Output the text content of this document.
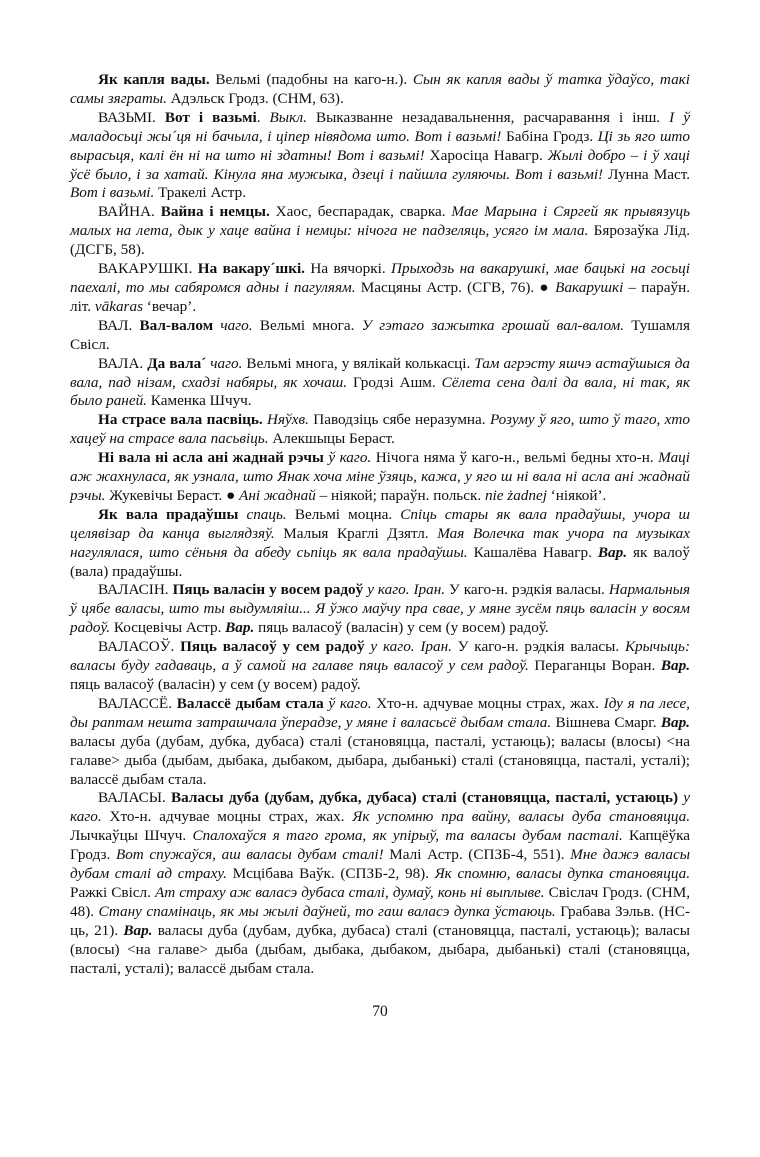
Як капля вады. Вельмі (падобны на каго-н.). Сын як капля вады ў татка ўдаўсо, такі самы зяграты. Адэльск Гродз. (СНМ, 63).

ВАЗЬМІ. Вот і вазьмі. Выкл. Выказванне незадавальнення, расчаравання і інш. І ў маладосьці жы´ця ні бачыла, і ціпер нівядома што. Вот і вазьмі! Бабіна Гродз. Ці зь яго што вырасьця, калі ён ні на што ні здатны! Вот і вазьмі! Харосіца Навагр. Жылі добро – і ў хаці ўсё было, і за хатай. Кінула яна мужыка, дзеці і пайшла гуляючы. Вот і вазьмі! Лунна Маст. Вот і вазьмі. Тракелі Астр.

ВАЙНА. Вайна і немцы. Хаос, беспарадак, сварка. Мае Марына і Сяргей як прывязуць малых на лета, дык у хаце вайна і немцы: нічога не падзеляць, усяго ім мала. Бярозаўка Лід. (ДСГБ, 58).

ВАКАРУШКІ. На вакару´шкі. На вячоркі. Прыходзь на вакарушкі, мае бацькі на госьці паехалі, то мы сабяромся адны і пагуляям. Масцяны Астр. (СГВ, 76). ● Вакарушкі – параўн. літ. vākaras ‘вечар’.

ВАЛ. Вал-валом чаго. Вельмі многа. У гэтаго зажытка грошай вал-валом. Тушамля Свісл.

ВАЛА. Да вала´ чаго. Вельмі многа, у вялікай колькасці. Там агрэсту яшчэ астаўшыся да вала, пад нізам, схадзі набяры, як хочаш. Гродзі Ашм. Сёлета сена далі да вала, ні так, як было раней. Каменка Шчуч.

На страсе вала пасвіць. Няўхв. Паводзіць сябе неразумна. Розуму ў яго, што ў таго, хто хацеў на страсе вала пасьвіць. Алекшыцы Бераст.

Ні вала ні асла ані жаднай рэчы ў каго. Нічога няма ў каго-н., вельмі бедны хто-н. Маці аж жахнуласа, як узнала, што Янак хоча міне ўзяць, кажа, у яго ш ні вала ні асла ані жаднай рэчы. Жукевічы Бераст. ● Ані жаднай – ніякой; параўн. польск. nie żadnej ‘ніякой’.

Як вала прадаўшы спаць. Вельмі моцна. Спіць стары як вала прадаўшы, учора ш целявізар да канца выглядзяў. Малыя Краглі Дзятл. Мая Волечка так учора па музыках нагулялася, што сёньня да абеду сьпіць як вала прадаўшы. Кашалёва Навагр. Вар. як валоў (вала) прадаўшы.

ВАЛАСІН. Пяць валасін у восем радоў у каго. Іран. У каго-н. рэдкія валасы. Нармальныя ў цябе валасы, што ты выдумляіш... Я ўжо маўчу пра свае, у мяне зусём пяць валасін у восям радоў. Косцевічы Астр. Вар. пяць валасоў (валасін) у сем (у восем) радоў.

ВАЛАСОЎ. Пяць валасоў у сем радоў у каго. Іран. У каго-н. рэдкія валасы. Крычыць: валасы буду гадаваць, а ў самой на галаве пяць валасоў у сем радоў. Пераганцы Воран. Вар. пяць валасоў (валасін) у сем (у восем) радоў.

ВАЛАССЁ. Валассё дыбам стала ў каго. Хто-н. адчувае моцны страх, жах. Іду я па лесе, ды раптам нешта затрашчала ўперадзе, у мяне і валасьсё дыбам стала. Вішнева Смарг. Вар. валасы дуба (дубам, дубка, дубаса) сталі (становяцца, пасталі, устаюць); валасы (влосы) <на галаве> дыба (дыбам, дыбака, дыбаком, дыбара, дыбанькі) сталі (становяцца, пасталі, усталі); валассё дыбам стала.

ВАЛАСЫ. Валасы дуба (дубам, дубка, дубаса) сталі (становяцца, пасталі, устаюць) у каго. Хто-н. адчувае моцны страх, жах. Як успомню пра вайну, валасы дуба становяцца. Лычкаўцы Шчуч. Спалохаўся я таго грома, як упірыў, та валасы дубам пасталі. Капцёўка Гродз. Вот спужаўся, аш валасы дубам сталі! Малі Астр. (СПЗБ-4, 551). Мне дажэ валасы дубам сталі ад страху. Мсцібава Ваўк. (СПЗБ-2, 98). Як спомню, валасы дупка становяцца. Ражкі Свісл. Ат страху аж валасэ дубаса сталі, думаў, конь ні выплыве. Свіслач Гродз. (СНМ, 48). Стану спамінаць, як мы жылі даўней, то гаш валасэ дупка ўстаюць. Грабава Зэльв. (НС-ць, 21). Вар. валасы дуба (дубам, дубка, дубаса) сталі (становяцца, пасталі, устаюць); валасы (влосы) <на галаве> дыба (дыбам, дыбака, дыбаком, дыбара, дыбанькі) сталі (становяцца, пасталі, усталі); валассё дыбам стала.

70
